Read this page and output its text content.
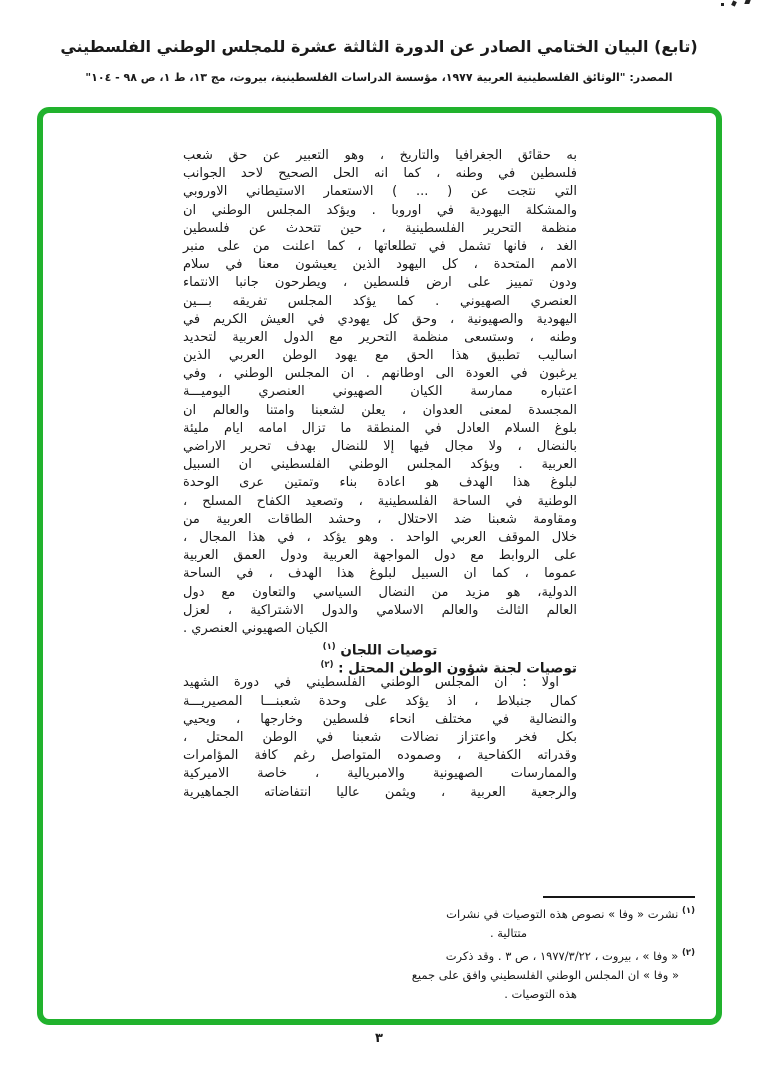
(تابع) البيان الختامي الصادر عن الدورة الثالثة عشرة للمجلس الوطني الفلسطيني
المصدر: "الوثائق الفلسطينية العربية ١٩٧٧، مؤسسة الدراسات الفلسطينية، بيروت، مج ١٣، ط ١، ص ٩٨ - ١٠٤"
به حقائق الجغرافيا والتاريخ ، وهو التعبير عن حق شعب
فلسطين في وطنه ، كما انه الحل الصحيح لاحد الجوانب
التي نتجت عن ( ... ) الاستعمار الاستيطاني الاوروبي
والمشكلة اليهودية في اوروبا . ويؤكد المجلس الوطني ان
منظمة التحرير الفلسطينية ، حين تتحدث عن فلسطين
الغد ، فانها تشمل في تطلعاتها ، كما اعلنت من على منبر
الامم المتحدة ، كل اليهود الذين يعيشون معنا في سلام
ودون تمييز على ارض فلسطين ، ويطرحون جانبا الانتماء
العنصري الصهيوني . كما يؤكد المجلس تفريقه بـــين
اليهودية والصهيونية ، وحق كل يهودي في العيش الكريم في
وطنه ، وستسعى منظمة التحرير مع الدول العربية لتحديد
اساليب تطبيق هذا الحق مع يهود الوطن العربي الذين
يرغبون في العودة الى اوطانهم . ان المجلس الوطني ، وفي
اعتباره ممارسة الكيان الصهيوني العنصري اليوميـــة
المجسدة لمعنى العدوان ، يعلن لشعبنا وامتنا والعالم ان
بلوغ السلام العادل في المنطقة ما تزال امامه ايام مليئة
بالنضال ، ولا مجال فيها إلا للنضال بهدف تحرير الاراضي
العربية . ويؤكد المجلس الوطني الفلسطيني ان السبيل
لبلوغ هذا الهدف هو اعادة بناء وتمتين عرى الوحدة
الوطنية في الساحة الفلسطينية ، وتصعيد الكفاح المسلح ،
ومقاومة شعبنا ضد الاحتلال ، وحشد الطاقات العربية من
خلال الموقف العربي الواحد . وهو يؤكد ، في هذا المجال ،
على الروابط مع دول المواجهة العربية ودول العمق العربية
عموما ، كما ان السبيل لبلوغ هذا الهدف ، في الساحة
الدولية، هو مزيد من النضال السياسي والتعاون مع دول
العالم الثالث والعالم الاسلامي والدول الاشتراكية ، لعزل
الكيان الصهيوني العنصري .
توصيات اللجان $^{(١)}$
توصيات لجنة شؤون الوطن المحتل : $^{(٢)}$
اولا : ان المجلس الوطني الفلسطيني في دورة الشهيد
كمال جنبلاط ، اذ يؤكد على وحدة شعبنـــا المصيريـــة
والنضالية في مختلف انحاء فلسطين وخارجها ، ويحيي
بكل فخر واعتزاز نضالات شعبنا في الوطن المحتل ،
وقدراته الكفاحية ، وصموده المتواصل رغم كافة المؤامرات
والممارسات الصهيونية والامبريالية ، خاصة الاميركية
والرجعية العربية ، ويثمن عاليا انتفاضاته الجماهيرية
$^{(١)}$ نشرت « وفا » نصوص هذه التوصيات في نشرات
متتالية .
$^{(٢)}$ « وفا » ، بيروت ، ١٩٧٧/٣/٢٢ ، ص ٣ . وقد ذكرت
« وفا » ان المجلس الوطني الفلسطيني وافق على جميع
هذه التوصيات .
٣
